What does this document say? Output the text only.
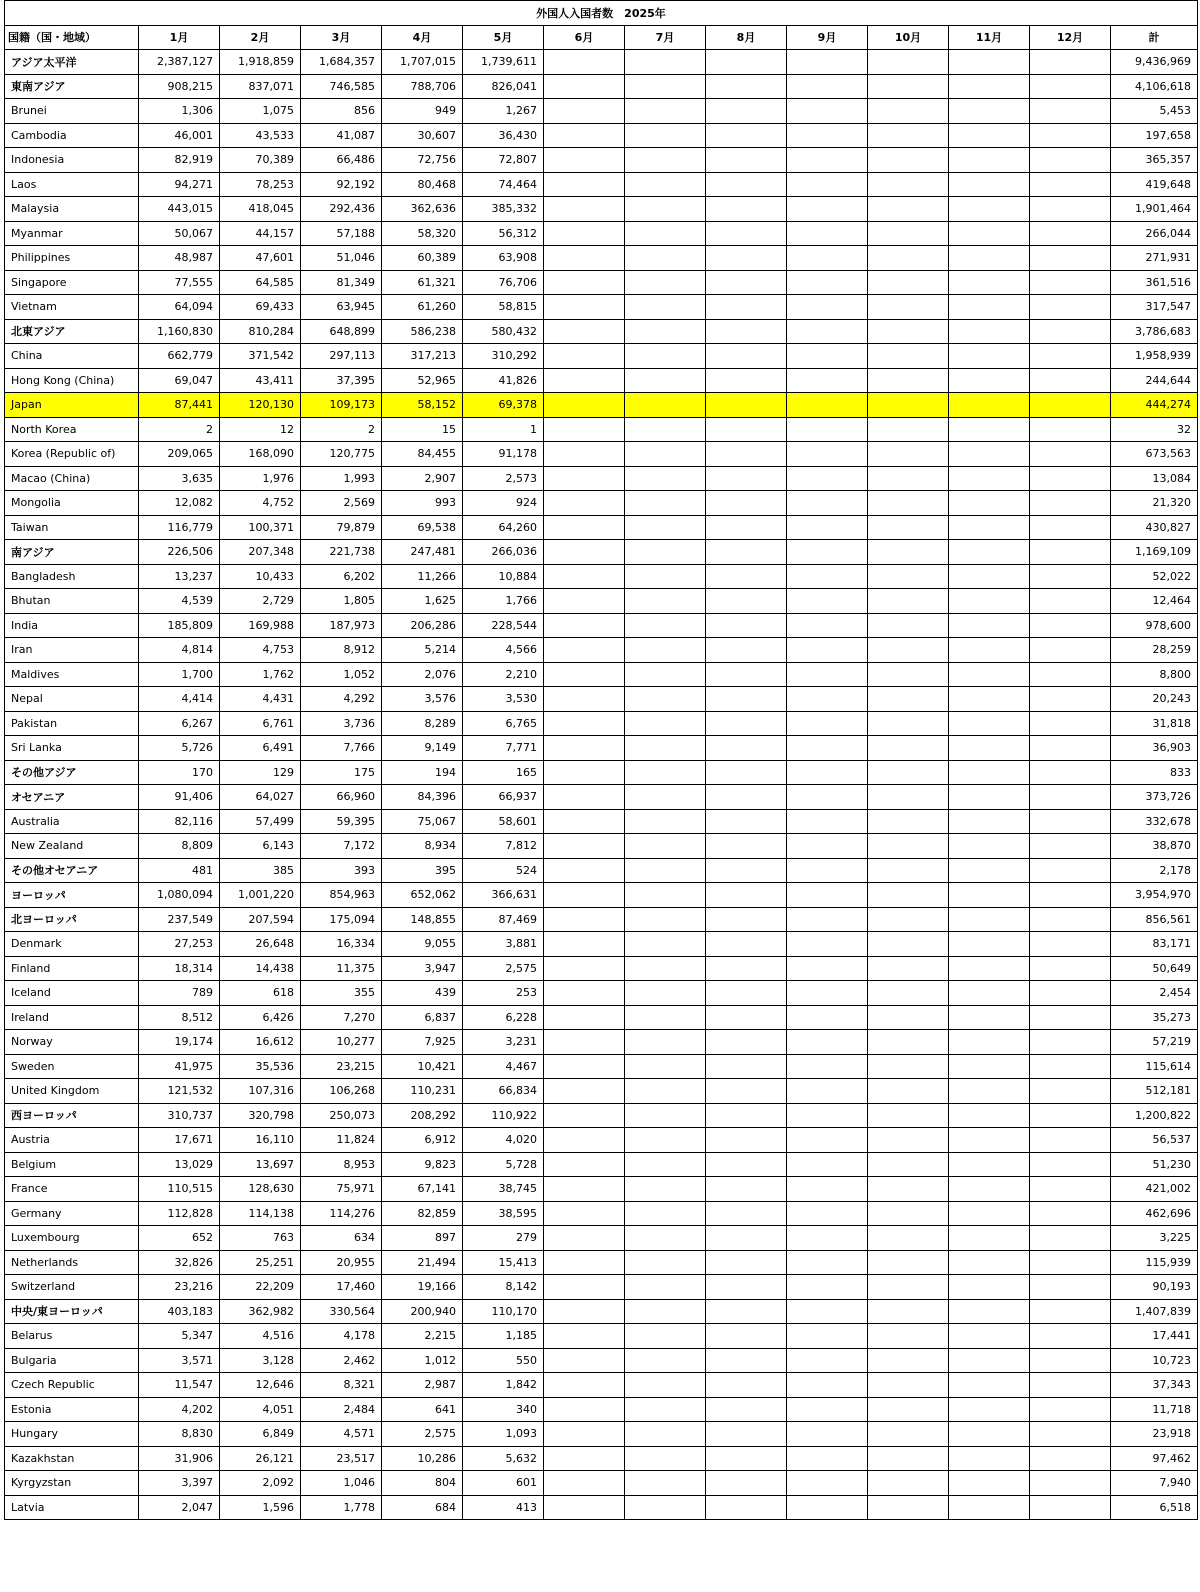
外国人入国者数　2025年													
国籍（国・地域）	1月	2月	3月	4月	5月	6月	7月	8月	9月	10月	11月	12月	計
アジア太平洋	2,387,127	1,918,859	1,684,357	1,707,015	1,739,611								9,436,969
東南アジア	908,215	837,071	746,585	788,706	826,041								4,106,618
Brunei	1,306	1,075	856	949	1,267								5,453
Cambodia	46,001	43,533	41,087	30,607	36,430								197,658
Indonesia	82,919	70,389	66,486	72,756	72,807								365,357
Laos	94,271	78,253	92,192	80,468	74,464								419,648
Malaysia	443,015	418,045	292,436	362,636	385,332								1,901,464
Myanmar	50,067	44,157	57,188	58,320	56,312								266,044
Philippines	48,987	47,601	51,046	60,389	63,908								271,931
Singapore	77,555	64,585	81,349	61,321	76,706								361,516
Vietnam	64,094	69,433	63,945	61,260	58,815								317,547
北東アジア	1,160,830	810,284	648,899	586,238	580,432								3,786,683
China	662,779	371,542	297,113	317,213	310,292								1,958,939
Hong Kong (China)	69,047	43,411	37,395	52,965	41,826								244,644
Japan	87,441	120,130	109,173	58,152	69,378								444,274
North Korea	2	12	2	15	1								32
Korea (Republic of)	209,065	168,090	120,775	84,455	91,178								673,563
Macao (China)	3,635	1,976	1,993	2,907	2,573								13,084
Mongolia	12,082	4,752	2,569	993	924								21,320
Taiwan	116,779	100,371	79,879	69,538	64,260								430,827
南アジア	226,506	207,348	221,738	247,481	266,036								1,169,109
Bangladesh	13,237	10,433	6,202	11,266	10,884								52,022
Bhutan	4,539	2,729	1,805	1,625	1,766								12,464
India	185,809	169,988	187,973	206,286	228,544								978,600
Iran	4,814	4,753	8,912	5,214	4,566								28,259
Maldives	1,700	1,762	1,052	2,076	2,210								8,800
Nepal	4,414	4,431	4,292	3,576	3,530								20,243
Pakistan	6,267	6,761	3,736	8,289	6,765								31,818
Sri Lanka	5,726	6,491	7,766	9,149	7,771								36,903
その他アジア	170	129	175	194	165								833
オセアニア	91,406	64,027	66,960	84,396	66,937								373,726
Australia	82,116	57,499	59,395	75,067	58,601								332,678
New Zealand	8,809	6,143	7,172	8,934	7,812								38,870
その他オセアニア	481	385	393	395	524								2,178
ヨーロッパ	1,080,094	1,001,220	854,963	652,062	366,631								3,954,970
北ヨーロッパ	237,549	207,594	175,094	148,855	87,469								856,561
Denmark	27,253	26,648	16,334	9,055	3,881								83,171
Finland	18,314	14,438	11,375	3,947	2,575								50,649
Iceland	789	618	355	439	253								2,454
Ireland	8,512	6,426	7,270	6,837	6,228								35,273
Norway	19,174	16,612	10,277	7,925	3,231								57,219
Sweden	41,975	35,536	23,215	10,421	4,467								115,614
United Kingdom	121,532	107,316	106,268	110,231	66,834								512,181
西ヨーロッパ	310,737	320,798	250,073	208,292	110,922								1,200,822
Austria	17,671	16,110	11,824	6,912	4,020								56,537
Belgium	13,029	13,697	8,953	9,823	5,728								51,230
France	110,515	128,630	75,971	67,141	38,745								421,002
Germany	112,828	114,138	114,276	82,859	38,595								462,696
Luxembourg	652	763	634	897	279								3,225
Netherlands	32,826	25,251	20,955	21,494	15,413								115,939
Switzerland	23,216	22,209	17,460	19,166	8,142								90,193
中央/東ヨーロッパ	403,183	362,982	330,564	200,940	110,170								1,407,839
Belarus	5,347	4,516	4,178	2,215	1,185								17,441
Bulgaria	3,571	3,128	2,462	1,012	550								10,723
Czech Republic	11,547	12,646	8,321	2,987	1,842								37,343
Estonia	4,202	4,051	2,484	641	340								11,718
Hungary	8,830	6,849	4,571	2,575	1,093								23,918
Kazakhstan	31,906	26,121	23,517	10,286	5,632								97,462
Kyrgyzstan	3,397	2,092	1,046	804	601								7,940
Latvia	2,047	1,596	1,778	684	413								6,518
